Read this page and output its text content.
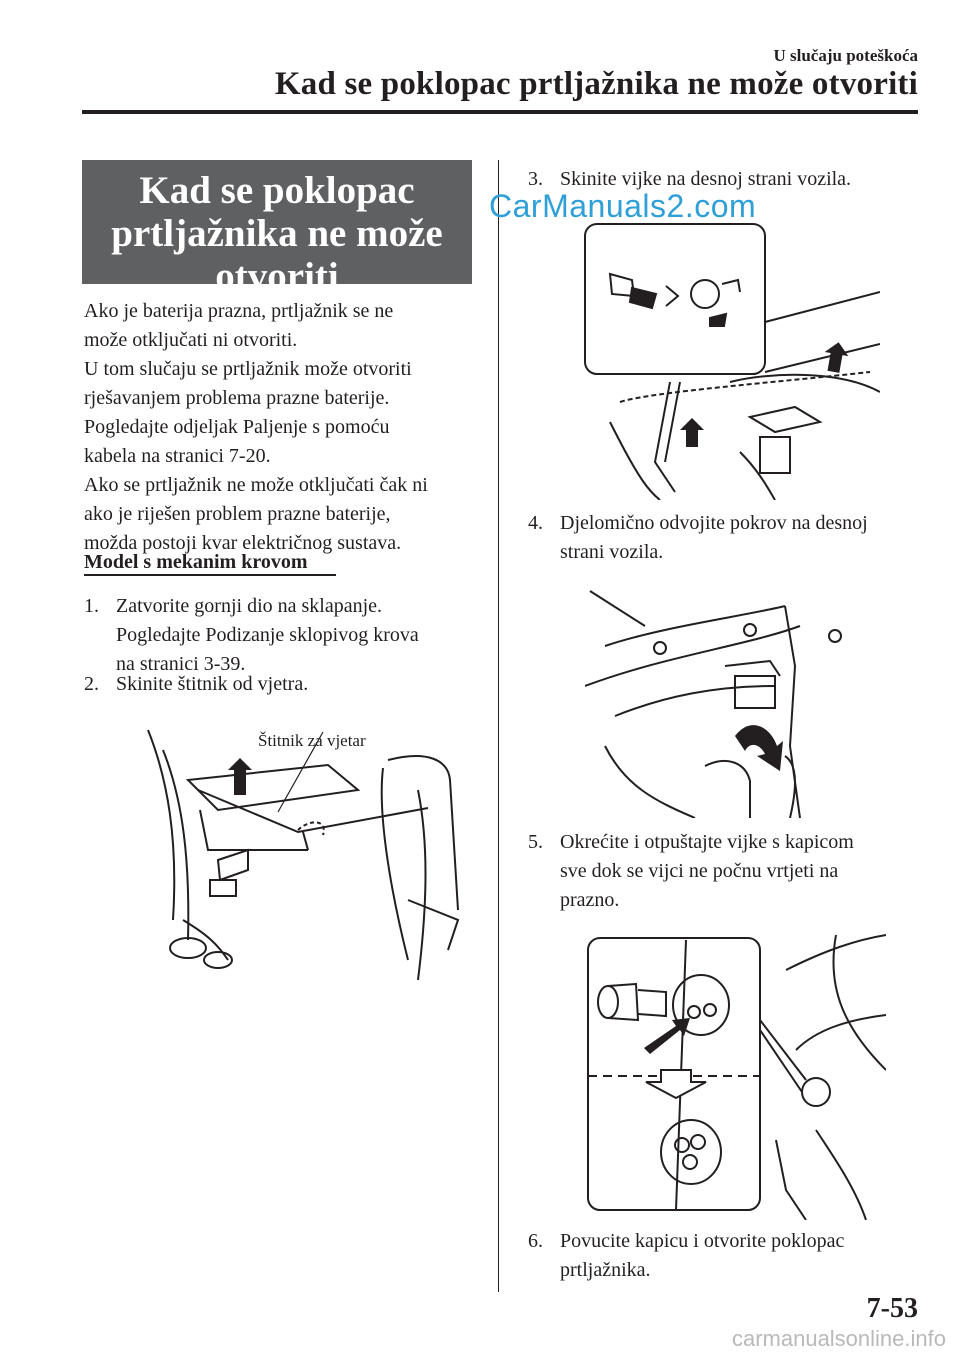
U slučaju poteškoća
Kad se poklopac prtljažnika ne može otvoriti
Kad se poklopac
prtljažnika ne može
otvoriti
CarManuals2.com
Ako je baterija prazna, prtljažnik se ne
može otključati ni otvoriti.
U tom slučaju se prtljažnik može otvoriti
rješavanjem problema prazne baterije.
Pogledajte odjeljak Paljenje s pomoću
kabela na stranici 7-20.
Ako se prtljažnik ne može otključati čak ni
ako je riješen problem prazne baterije,
možda postoji kvar električnog sustava.
Model s mekanim krovom
1. Zatvorite gornji dio na sklapanje.
Pogledajte Podizanje sklopivog krova
na stranici 3-39.
2. Skinite štitnik od vjetra.
Štitnik za vjetar
3. Skinite vijke na desnoj strani vozila.
4. Djelomično odvojite pokrov na desnoj
strani vozila.
5. Okrećite i otpuštajte vijke s kapicom
sve dok se vijci ne počnu vrtjeti na
prazno.
6. Povucite kapicu i otvorite poklopac
prtljažnika.
7-53
carmanualsonline.info
